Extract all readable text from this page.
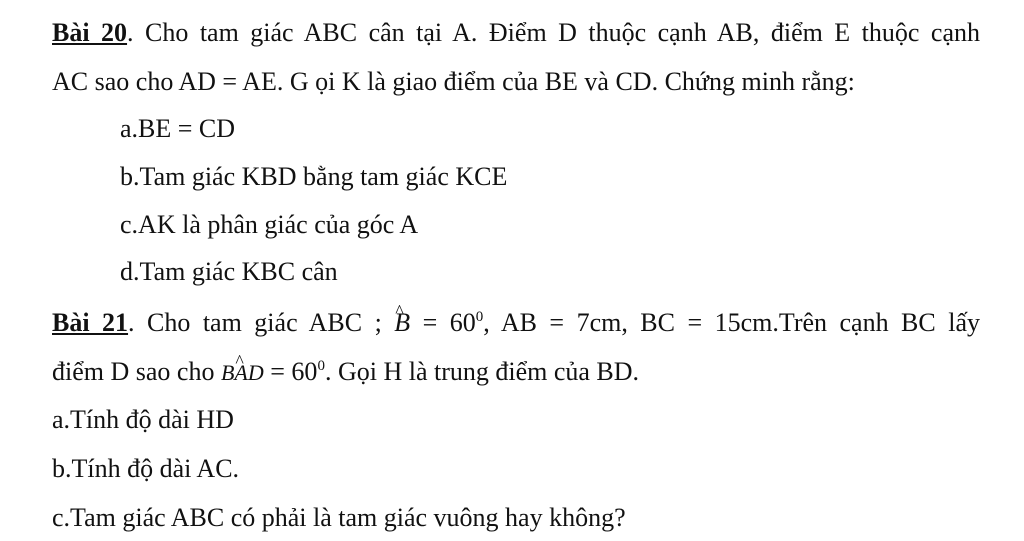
Bài 20. Cho tam giác ABC cân tại A. Điểm D thuộc cạnh AB, điểm E thuộc cạnh
AC sao cho AD = AE. G ọi K là giao điểm của BE và CD. Chứng minh rằng:
a.BE = CD
b.Tam giác KBD bằng tam giác KCE
c.AK là phân giác của góc A
d.Tam giác KBC cân
Bài 21. Cho tam giác ABC ; ^ $B = 60^0$, AB = 7cm, BC = 15cm.Trên cạnh BC lấy
điểm D sao cho B^ AD = $60^0$. Gọi H là trung điểm của BD.
a.Tính độ dài HD
b.Tính độ dài AC.
c.Tam giác ABC có phải là tam giác vuông hay không?
